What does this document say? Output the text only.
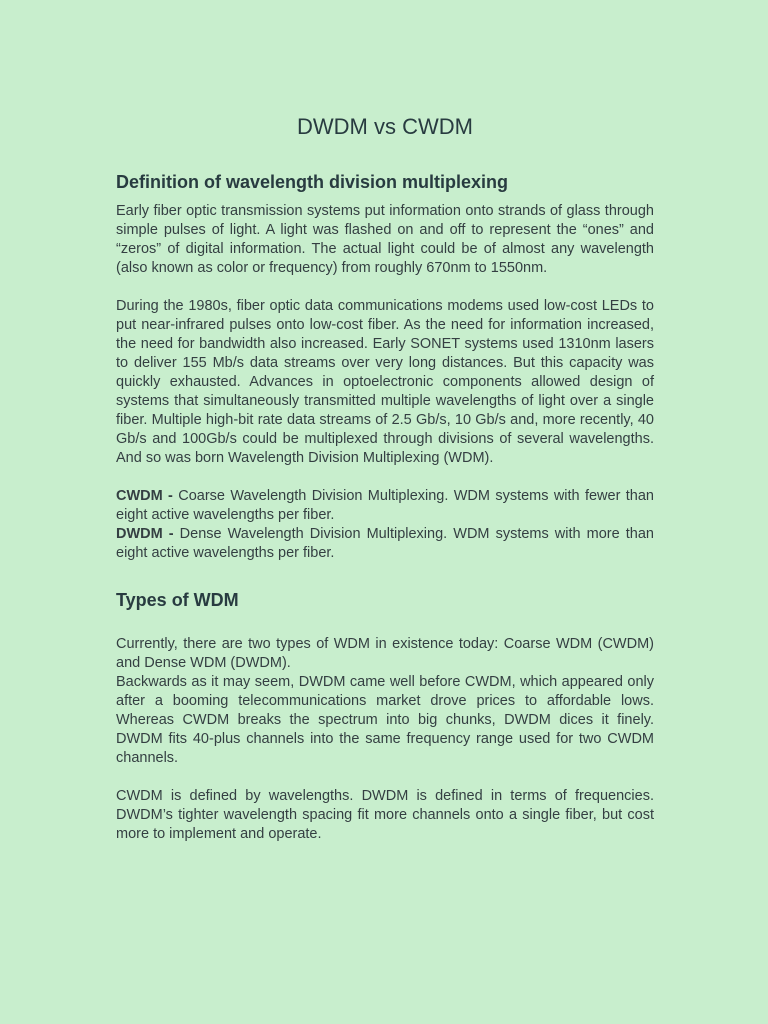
DWDM vs CWDM
Definition of wavelength division multiplexing

Early fiber optic transmission systems put information onto strands of glass through simple pulses of light. A light was flashed on and off to represent the “ones” and “zeros” of digital information. The actual light could be of almost any wavelength (also known as color or frequency) from roughly 670nm to 1550nm.

During the 1980s, fiber optic data communications modems used low-cost LEDs to put near-infrared pulses onto low-cost fiber. As the need for information increased, the need for bandwidth also increased. Early SONET systems used 1310nm lasers to deliver 155 Mb/s data streams over very long distances. But this capacity was quickly exhausted. Advances in optoelectronic components allowed design of systems that simultaneously transmitted multiple wavelengths of light over a single fiber. Multiple high-bit rate data streams of 2.5 Gb/s, 10 Gb/s and, more recently, 40 Gb/s and 100Gb/s could be multiplexed through divisions of several wavelengths. And so was born Wavelength Division Multiplexing (WDM).

CWDM - Coarse Wavelength Division Multiplexing. WDM systems with fewer than eight active wavelengths per fiber.

DWDM - Dense Wavelength Division Multiplexing. WDM systems with more than eight active wavelengths per fiber.

Types of WDM

Currently, there are two types of WDM in existence today: Coarse WDM (CWDM) and Dense WDM (DWDM).

Backwards as it may seem, DWDM came well before CWDM, which appeared only after a booming telecommunications market drove prices to affordable lows. Whereas CWDM breaks the spectrum into big chunks, DWDM dices it finely. DWDM fits 40-plus channels into the same frequency range used for two CWDM channels.

CWDM is defined by wavelengths. DWDM is defined in terms of frequencies. DWDM’s tighter wavelength spacing fit more channels onto a single fiber, but cost more to implement and operate.
